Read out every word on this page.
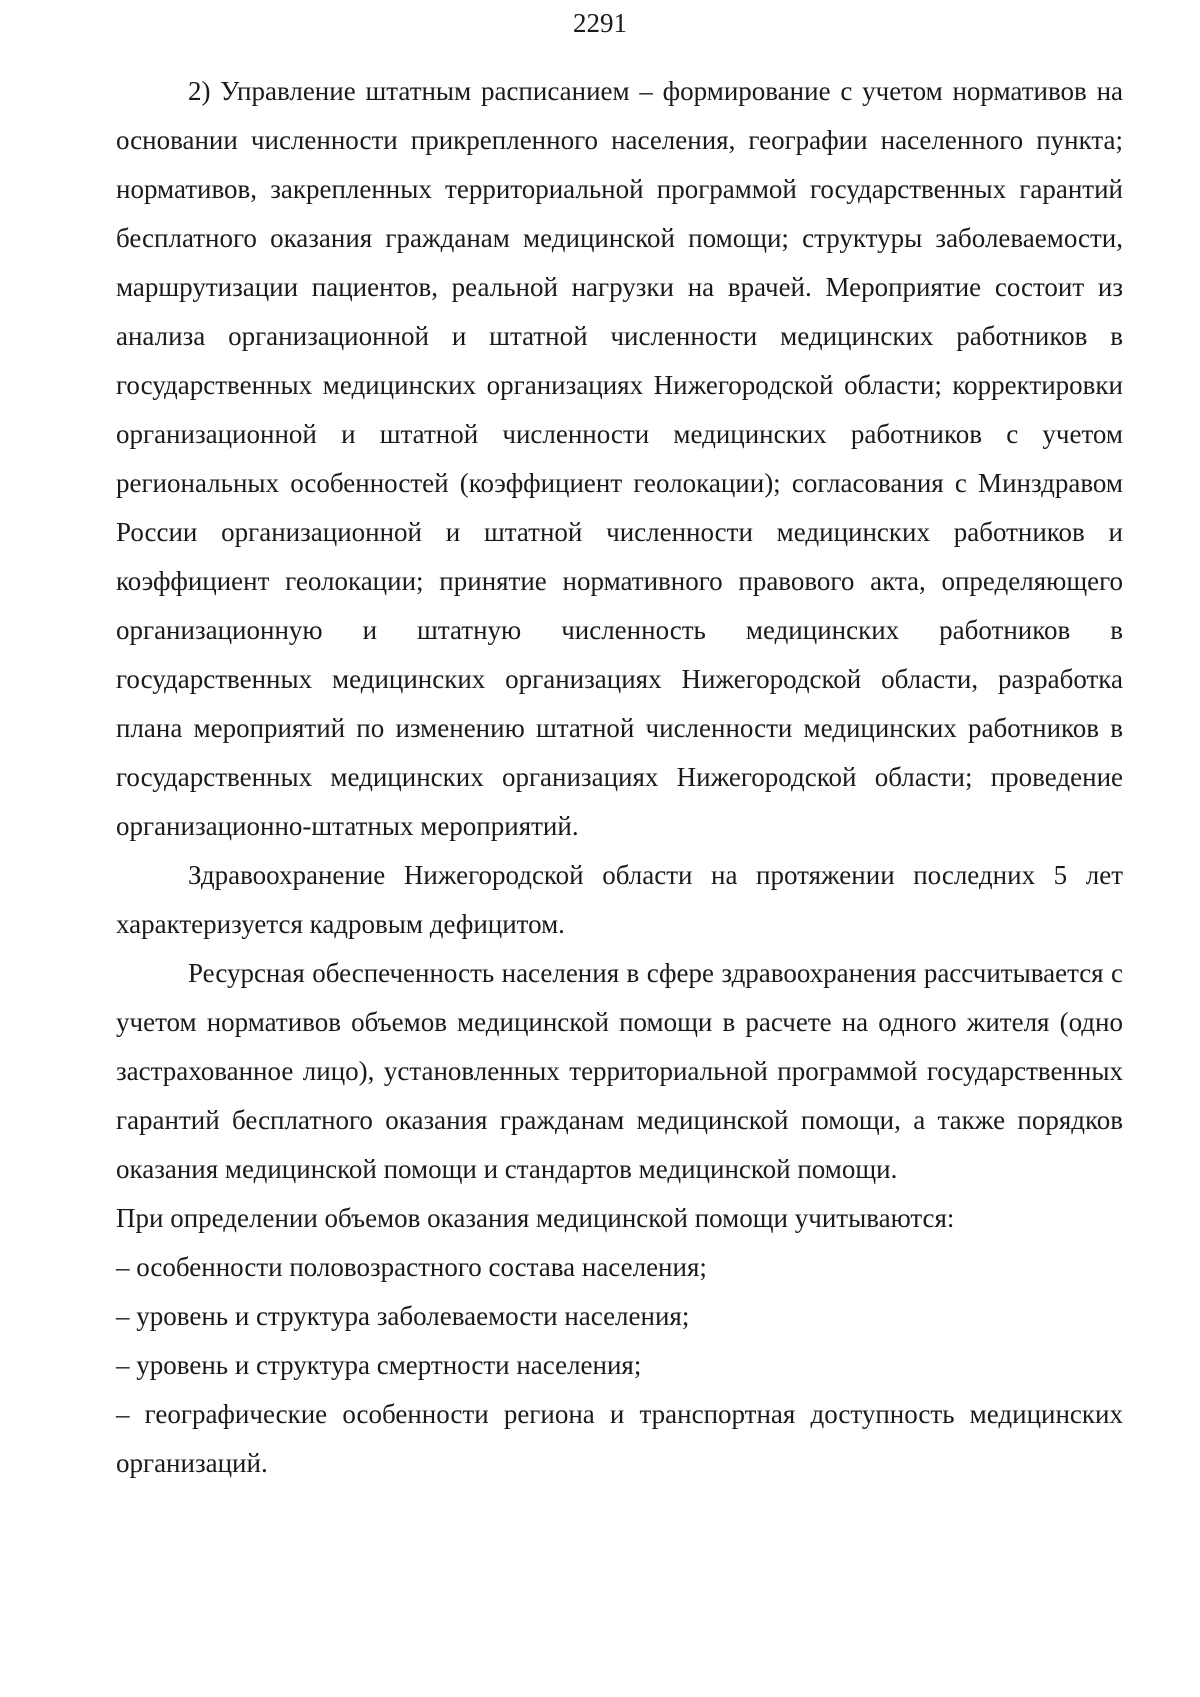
2291

2) Управление штатным расписанием – формирование с учетом нормативов на основании численности прикрепленного населения, географии населенного пункта; нормативов, закрепленных территориальной программой государственных гарантий бесплатного оказания гражданам медицинской помощи; структуры заболеваемости, маршрутизации пациентов, реальной нагрузки на врачей. Мероприятие состоит из анализа организационной и штатной численности медицинских работников в государственных медицинских организациях Нижегородской области; корректировки организационной и штатной численности медицинских работников с учетом региональных особенностей (коэффициент геолокации); согласования с Минздравом России организационной и штатной численности медицинских работников и коэффициент геолокации; принятие нормативного правового акта, определяющего организационную и штатную численность медицинских работников в государственных медицинских организациях Нижегородской области, разработка плана мероприятий по изменению штатной численности медицинских работников в государственных медицинских организациях Нижегородской области; проведение организационно-штатных мероприятий.

Здравоохранение Нижегородской области на протяжении последних 5 лет характеризуется кадровым дефицитом.

Ресурсная обеспеченность населения в сфере здравоохранения рассчитывается с учетом нормативов объемов медицинской помощи в расчете на одного жителя (одно застрахованное лицо), установленных территориальной программой государственных гарантий бесплатного оказания гражданам медицинской помощи, а также порядков оказания медицинской помощи и стандартов медицинской помощи.

При определении объемов оказания медицинской помощи учитываются:

– особенности половозрастного состава населения;

– уровень и структура заболеваемости населения;

– уровень и структура смертности населения;

– географические особенности региона и транспортная доступность медицинских организаций.
